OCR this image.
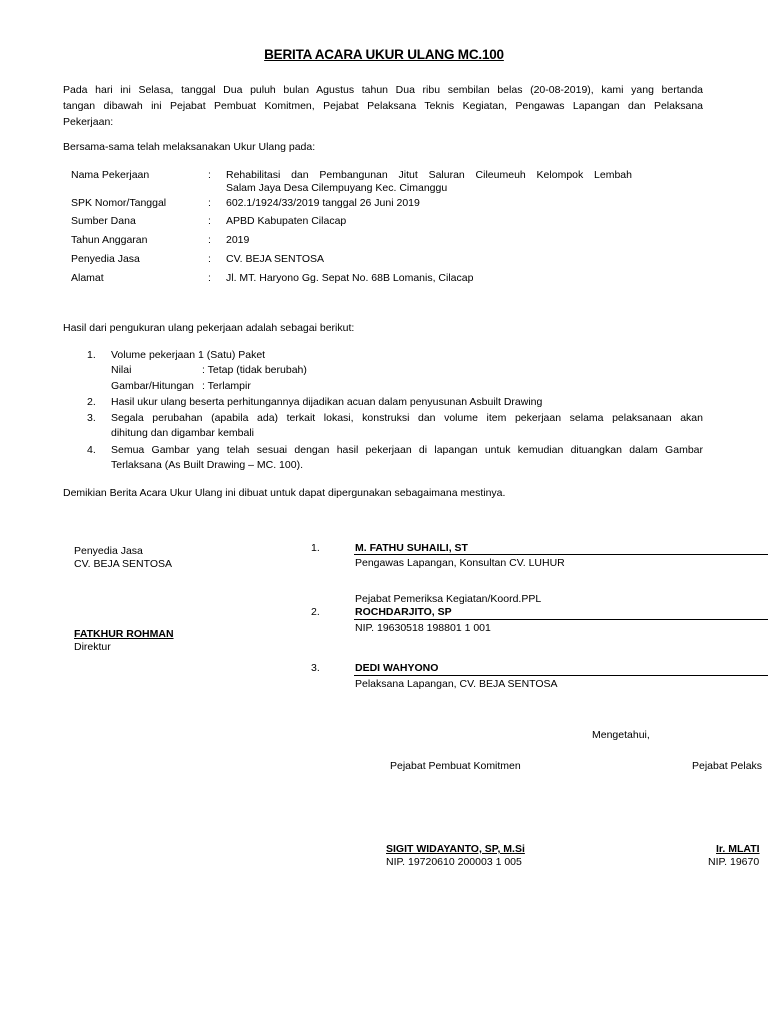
BERITA ACARA UKUR ULANG MC.100
Pada hari ini Selasa, tanggal Dua puluh bulan Agustus tahun Dua ribu sembilan belas (20-08-2019), kami yang bertanda
tangan dibawah ini Pejabat Pembuat Komitmen, Pejabat Pelaksana Teknis Kegiatan, Pengawas Lapangan dan Pelaksana
Pekerjaan:
Bersama-sama telah melaksanakan Ukur Ulang pada:
Nama Pekerjaan	: Rehabilitasi dan Pembangunan Jitut Saluran Cileumeuh Kelompok Lembah
Salam Jaya Desa Cilempuyang Kec. Cimanggu
SPK Nomor/Tanggal	: 602.1/1924/33/2019 tanggal 26 Juni 2019
Sumber Dana	: APBD Kabupaten Cilacap
Tahun Anggaran	: 2019
Penyedia Jasa	: CV. BEJA SENTOSA
Alamat	: Jl. MT. Haryono Gg. Sepat No. 68B Lomanis, Cilacap
Hasil dari pengukuran ulang pekerjaan adalah sebagai berikut:
1. Volume pekerjaan 1 (Satu) Paket
Nilai	: Tetap (tidak berubah)
Gambar/Hitungan : Terlampir
2. Hasil ukur ulang beserta perhitungannya dijadikan acuan dalam penyusunan Asbuilt Drawing
3. Segala perubahan (apabila ada) terkait lokasi, konstruksi dan volume item pekerjaan selama pelaksanaan akan
dihitung dan digambar kembali
4. Semua Gambar yang telah sesuai dengan hasil pekerjaan di lapangan untuk kemudian dituangkan dalam Gambar
Terlaksana (As Built Drawing – MC. 100).
Demikian Berita Acara Ukur Ulang ini dibuat untuk dapat dipergunakan sebagaimana mestinya.
Penyedia Jasa
CV. BEJA SENTOSA
FATKHUR ROHMAN
Direktur
1.	M. FATHU SUHAILI, ST
Pengawas Lapangan, Konsultan CV. LUHUR
Pejabat Pemeriksa Kegiatan/Koord.PPL
2.	ROCHDARJITO, SP
NIP. 19630518 198801 1 001
3.	DEDI WAHYONO
Pelaksana Lapangan, CV. BEJA SENTOSA
Mengetahui,
Pejabat Pembuat Komitmen
SIGIT WIDAYANTO, SP, M.Si
NIP. 19720610 200003 1 005
Pejabat Pelaks
Ir. MLATI
NIP. 19670
